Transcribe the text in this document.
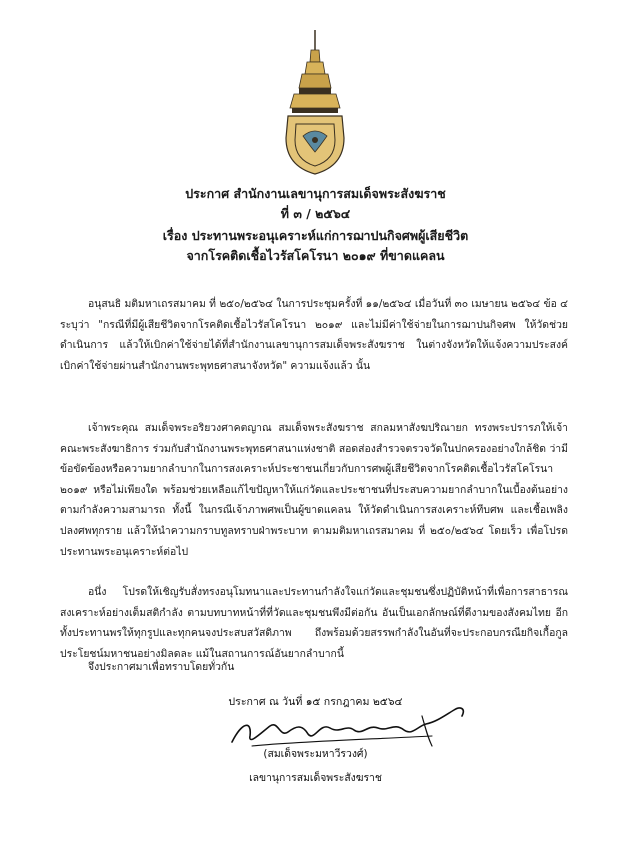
ประกาศ สำนักงานเลขานุการสมเด็จพระสังฆราช
ที่ ๓ / ๒๕๖๔
เรื่อง ประทานพระอนุเคราะห์แก่การฌาปนกิจศพผู้เสียชีวิต
จากโรคติดเชื้อไวรัสโคโรนา ๒๐๑๙ ที่ขาดแคลน

อนุสนธิ มติมหาเถรสมาคม ที่ ๒๕๐/๒๕๖๔ ในการประชุมครั้งที่ ๑๑/๒๕๖๔ เมื่อวันที่ ๓๐ เมษายน ๒๕๖๔ ข้อ ๔ ระบุว่า "กรณีที่มีผู้เสียชีวิตจากโรคติดเชื้อไวรัสโคโรนา ๒๐๑๙ และไม่มีค่าใช้จ่ายในการฌาปนกิจศพ ให้วัดช่วยดำเนินการ แล้วให้เบิกค่าใช้จ่ายได้ที่สำนักงานเลขานุการสมเด็จพระสังฆราช ในต่างจังหวัดให้แจ้งความประสงค์เบิกค่าใช้จ่ายผ่านสำนักงานพระพุทธศาสนาจังหวัด" ความแจ้งแล้ว นั้น

เจ้าพระคุณ สมเด็จพระอริยวงศาคตญาณ สมเด็จพระสังฆราช สกลมหาสังฆปริณายก ทรงพระปรารภให้เจ้าคณะพระสังฆาธิการ ร่วมกับสำนักงานพระพุทธศาสนาแห่งชาติ สอดส่องสำรวจตรวจวัดในปกครองอย่างใกล้ชิด ว่ามีข้อขัดข้องหรือความยากลำบากในการสงเคราะห์ประชาชนเกี่ยวกับการศพผู้เสียชีวิตจากโรคติดเชื้อไวรัสโคโรนา ๒๐๑๙ หรือไม่เพียงใด พร้อมช่วยเหลือแก้ไขปัญหาให้แก่วัดและประชาชนที่ประสบความยากลำบากในเบื้องต้นอย่างตามกำลังความสามารถ ทั้งนี้ ในกรณีเจ้าภาพศพเป็นผู้ขาดแคลน ให้วัดดำเนินการสงเคราะห์ทีบศพ และเชื้อเพลิงปลงศพทุกราย แล้วให้นำความกราบทูลทราบฝ่าพระบาท ตามมติมหาเถรสมาคม ที่ ๒๕๐/๒๕๖๔ โดยเร็ว เพื่อโปรดประทานพระอนุเคราะห์ต่อไป

อนึ่ง โปรดให้เชิญรับสั่งทรงอนุโมทนาและประทานกำลังใจแก่วัดและชุมชนซึ่งปฏิบัติหน้าที่เพื่อการสาธารณสงเคราะห์อย่างเต็มสติกำลัง ตามบทบาทหน้าที่ที่วัดและชุมชนพึงมีต่อกัน อันเป็นเอกลักษณ์ที่ดีงามของสังคมไทย อีกทั้งประทานพรให้ทุกรูปและทุกคนจงประสบสวัสดิภาพ ถึงพร้อมด้วยสรรพกำลังในอันที่จะประกอบกรณียกิจเกื้อกูลประโยชน์มหาชนอย่างมิลดละ แม้ในสถานการณ์อันยากลำบากนี้

จึงประกาศมาเพื่อทราบโดยทั่วกัน

ประกาศ ณ วันที่ ๑๕ กรกฎาคม ๒๕๖๔
(สมเด็จพระมหาวีรวงศ์)
เลขานุการสมเด็จพระสังฆราช
